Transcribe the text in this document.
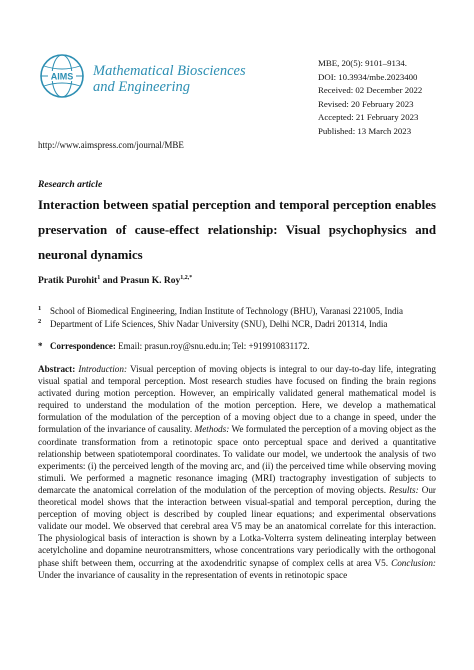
AIMS Mathematical Biosciences
and Engineering
MBE, 20(5): 9101–9134.
DOI: 10.3934/mbe.2023400
Received: 02 December 2022
Revised: 20 February 2023
Accepted: 21 February 2023
Published: 13 March 2023
http://www.aimspress.com/journal/MBE
Research article
Interaction between spatial perception and temporal perception enables preservation of cause-effect relationship: Visual psychophysics and neuronal dynamics
Pratik Purohit$^1$ and Prasun K. Roy$^{1,2,*}$
1 School of Biomedical Engineering, Indian Institute of Technology (BHU), Varanasi 221005, India
2 Department of Life Sciences, Shiv Nadar University (SNU), Delhi NCR, Dadri 201314, India
* Correspondence: Email: prasun.roy@snu.edu.in; Tel: +919910831172.

Abstract: Introduction: Visual perception of moving objects is integral to our day-to-day life, integrating visual spatial and temporal perception. Most research studies have focused on finding the brain regions activated during motion perception. However, an empirically validated general mathematical model is required to understand the modulation of the motion perception. Here, we develop a mathematical formulation of the modulation of the perception of a moving object due to a change in speed, under the formulation of the invariance of causality. Methods: We formulated the perception of a moving object as the coordinate transformation from a retinotopic space onto perceptual space and derived a quantitative relationship between spatiotemporal coordinates. To validate our model, we undertook the analysis of two experiments: (i) the perceived length of the moving arc, and (ii) the perceived time while observing moving stimuli. We performed a magnetic resonance imaging (MRI) tractography investigation of subjects to demarcate the anatomical correlation of the modulation of the perception of moving objects. Results: Our theoretical model shows that the interaction between visual-spatial and temporal perception, during the perception of moving object is described by coupled linear equations; and experimental observations validate our model. We observed that cerebral area V5 may be an anatomical correlate for this interaction. The physiological basis of interaction is shown by a Lotka-Volterra system delineating interplay between acetylcholine and dopamine neurotransmitters, whose concentrations vary periodically with the orthogonal phase shift between them, occurring at the axodendritic synapse of complex cells at area V5. Conclusion: Under the invariance of causality in the representation of events in retinotopic space
